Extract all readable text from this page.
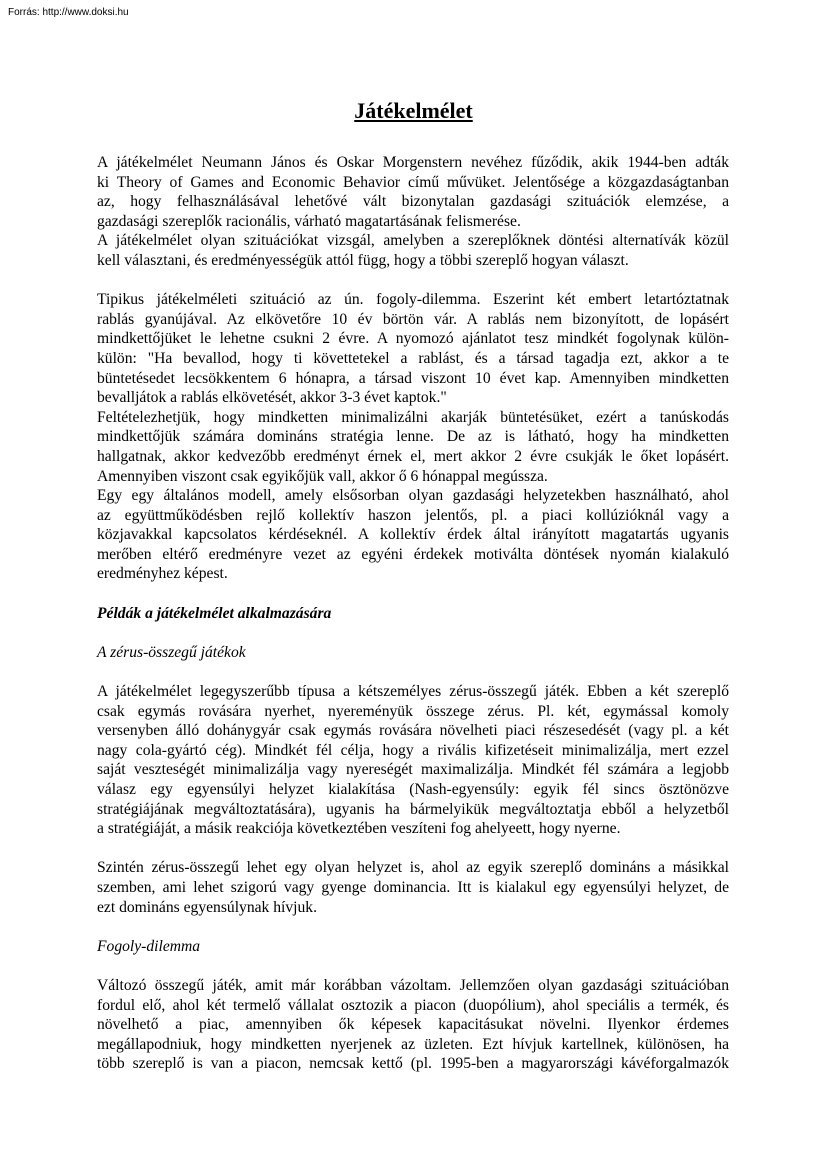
Forrás: http://www.doksi.hu
Játékelmélet

A játékelmélet Neumann János és Oskar Morgenstern nevéhez fűződik, akik 1944-ben adták
ki Theory of Games and Economic Behavior című művüket. Jelentősége a közgazdaságtanban
az, hogy felhasználásával lehetővé vált bizonytalan gazdasági szituációk elemzése, a
gazdasági szereplők racionális, várható magatartásának felismerése.

A játékelmélet olyan szituációkat vizsgál, amelyben a szereplőknek döntési alternatívák közül
kell választani, és eredményességük attól függ, hogy a többi szereplő hogyan választ.

Tipikus játékelméleti szituáció az ún. fogoly-dilemma. Eszerint két embert letartóztatnak
rablás gyanújával. Az elkövetőre 10 év börtön vár. A rablás nem bizonyított, de lopásért
mindkettőjüket le lehetne csukni 2 évre. A nyomozó ajánlatot tesz mindkét fogolynak külön-
külön: "Ha bevallod, hogy ti követtetekel a rablást, és a társad tagadja ezt, akkor a te
büntetésedet lecsökkentem 6 hónapra, a társad viszont 10 évet kap. Amennyiben mindketten
bevalljátok a rablás elkövetését, akkor 3-3 évet kaptok."

Feltételezhetjük, hogy mindketten minimalizálni akarják büntetésüket, ezért a tanúskodás
mindkettőjük számára domináns stratégia lenne. De az is látható, hogy ha mindketten
hallgatnak, akkor kedvezőbb eredményt érnek el, mert akkor 2 évre csukják le őket lopásért.
Amennyiben viszont csak egyikőjük vall, akkor ő 6 hónappal megússza.

Egy egy általános modell, amely elsősorban olyan gazdasági helyzetekben használható, ahol
az együttműködésben rejlő kollektív haszon jelentős, pl. a piaci kollúzióknál vagy a
közjavakkal kapcsolatos kérdéseknél. A kollektív érdek által irányított magatartás ugyanis
merőben eltérő eredményre vezet az egyéni érdekek motiválta döntések nyomán kialakuló
eredményhez képest.

Példák a játékelmélet alkalmazására
A zérus-összegű játékok

A játékelmélet legegyszerűbb típusa a kétszemélyes zérus-összegű játék. Ebben a két szereplő
csak egymás rovására nyerhet, nyereményük összege zérus. Pl. két, egymással komoly
versenyben álló dohánygyár csak egymás rovására növelheti piaci részesedését (vagy pl. a két
nagy cola-gyártó cég). Mindkét fél célja, hogy a rivális kifizetéseit minimalizálja, mert ezzel
saját veszteségét minimalizálja vagy nyereségét maximalizálja. Mindkét fél számára a legjobb
válasz egy egyensúlyi helyzet kialakítása (Nash-egyensúly: egyik fél sincs ösztönözve
stratégiájának megváltoztatására), ugyanis ha bármelyikük megváltoztatja ebből a helyzetből
a stratégiáját, a másik reakciója következtében veszíteni fog ahelyeett, hogy nyerne.

Szintén zérus-összegű lehet egy olyan helyzet is, ahol az egyik szereplő domináns a másikkal
szemben, ami lehet szigorú vagy gyenge dominancia. Itt is kialakul egy egyensúlyi helyzet, de
ezt domináns egyensúlynak hívjuk.

Fogoly-dilemma

Változó összegű játék, amit már korábban vázoltam. Jellemzően olyan gazdasági szituációban
fordul elő, ahol két termelő vállalat osztozik a piacon (duopólium), ahol speciális a termék, és
növelhető a piac, amennyiben ők képesek kapacitásukat növelni. Ilyenkor érdemes
megállapodniuk, hogy mindketten nyerjenek az üzleten. Ezt hívjuk kartellnek, különösen, ha
több szereplő is van a piacon, nemcsak kettő (pl. 1995-ben a magyarországi kávéforgalmazók
